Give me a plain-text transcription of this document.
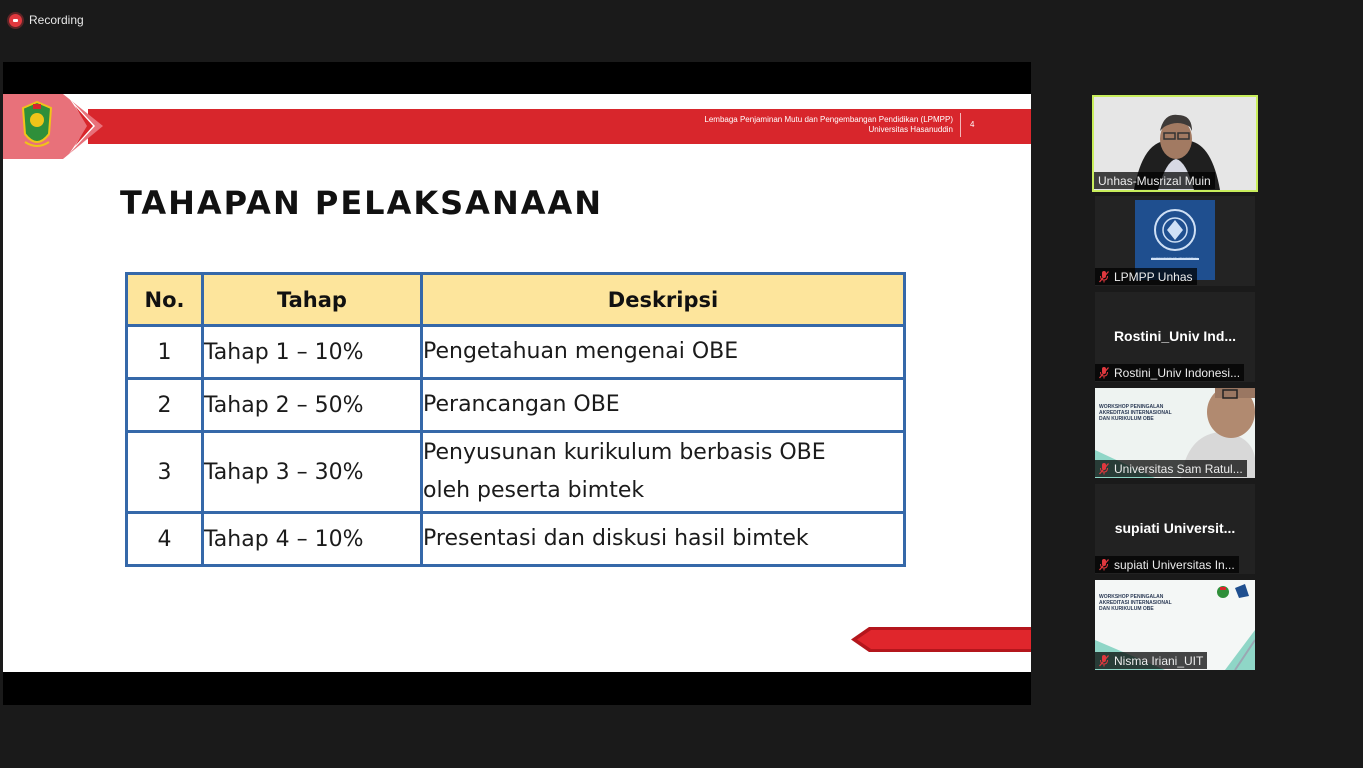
Recording
Lembaga Penjaminan Mutu dan Pengembangan Pendidikan (LPMPP)
Universitas Hasanuddin
4
TAHAPAN PELAKSANAAN
No.	Tahap	Deskripsi
1	Tahap 1 – 10%	Pengetahuan mengenai OBE
2	Tahap 2 – 50%	Perancangan OBE
3	Tahap 3 – 30%	Penyusunan kurikulum berbasis OBE
oleh peserta bimtek

4	Tahap 4 – 10%	Presentasi dan diskusi hasil bimtek
Unhas-Musrizal Muin
DIREKTORAT JENDERAL
LPMPP Unhas
Rostini_Univ Ind...
Rostini_Univ Indonesi...
WORKSHOP PENINGALAN
AKREDITASI INTERNASIONAL
DAN KURIKULUM OBE
Universitas Sam Ratul...
supiati Universit...
supiati Universitas In...
WORKSHOP PENINGALAN
AKREDITASI INTERNASIONAL
DAN KURIKULUM OBE
Nisma Iriani_UIT
